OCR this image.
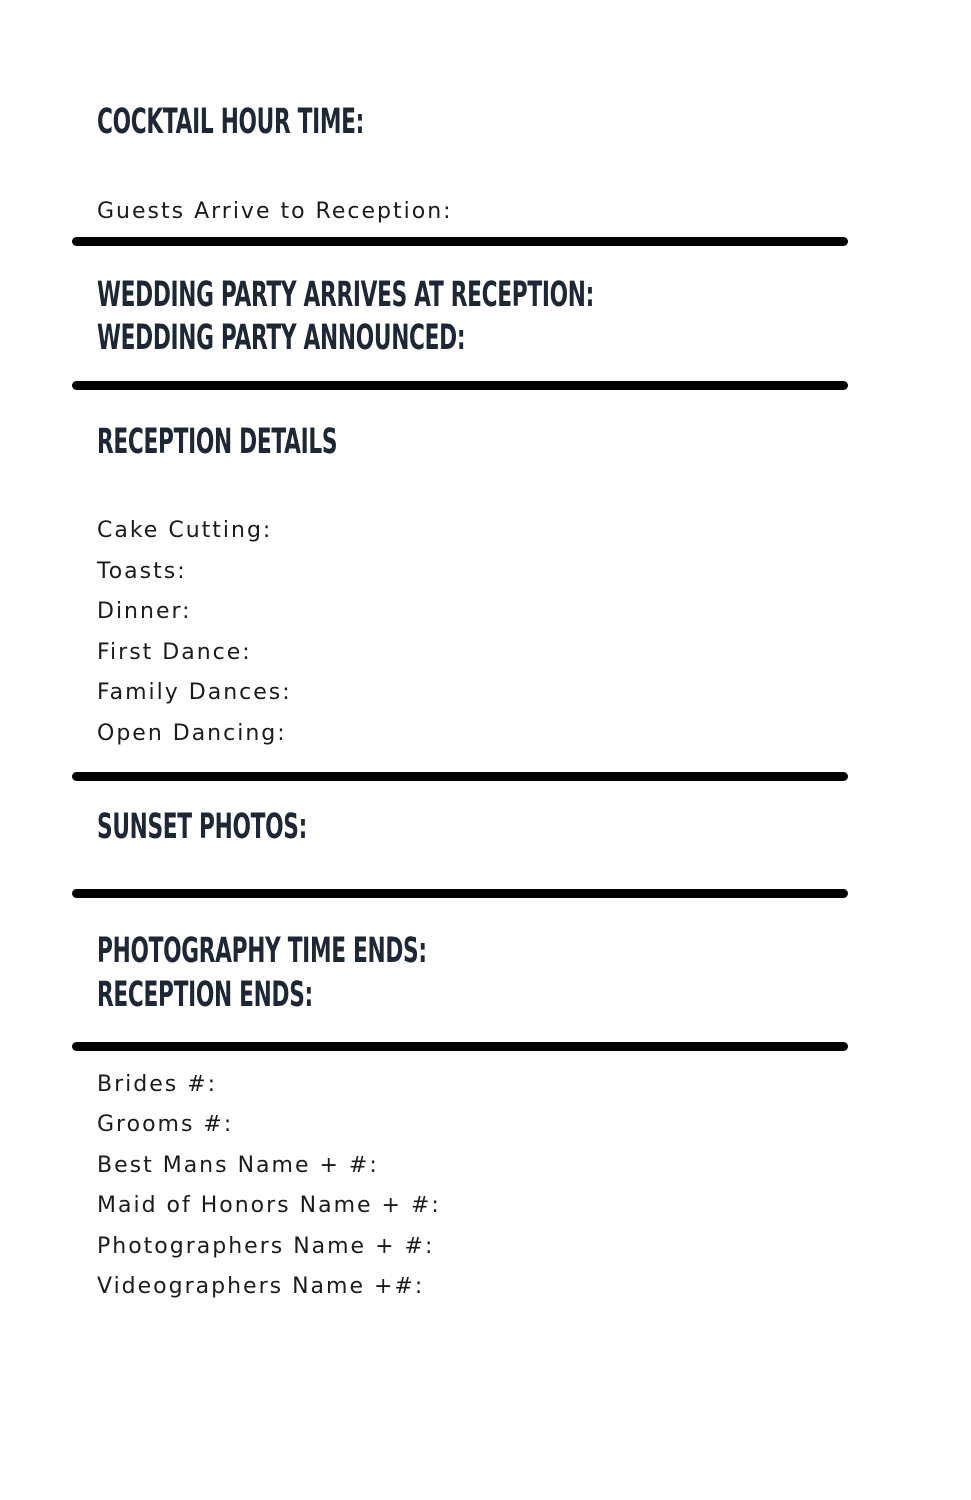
COCKTAIL HOUR TIME:

Guests Arrive to Reception:

WEDDING PARTY ARRIVES AT RECEPTION:
WEDDING PARTY ANNOUNCED:
RECEPTION DETAILS

Cake Cutting:

Toasts:

Dinner:

First Dance:

Family Dances:

Open Dancing:

SUNSET PHOTOS:
PHOTOGRAPHY TIME ENDS:
RECEPTION ENDS:

Brides #:

Grooms #:

Best Mans Name + #:

Maid of Honors Name + #:

Photographers Name + #:

Videographers Name +#:
